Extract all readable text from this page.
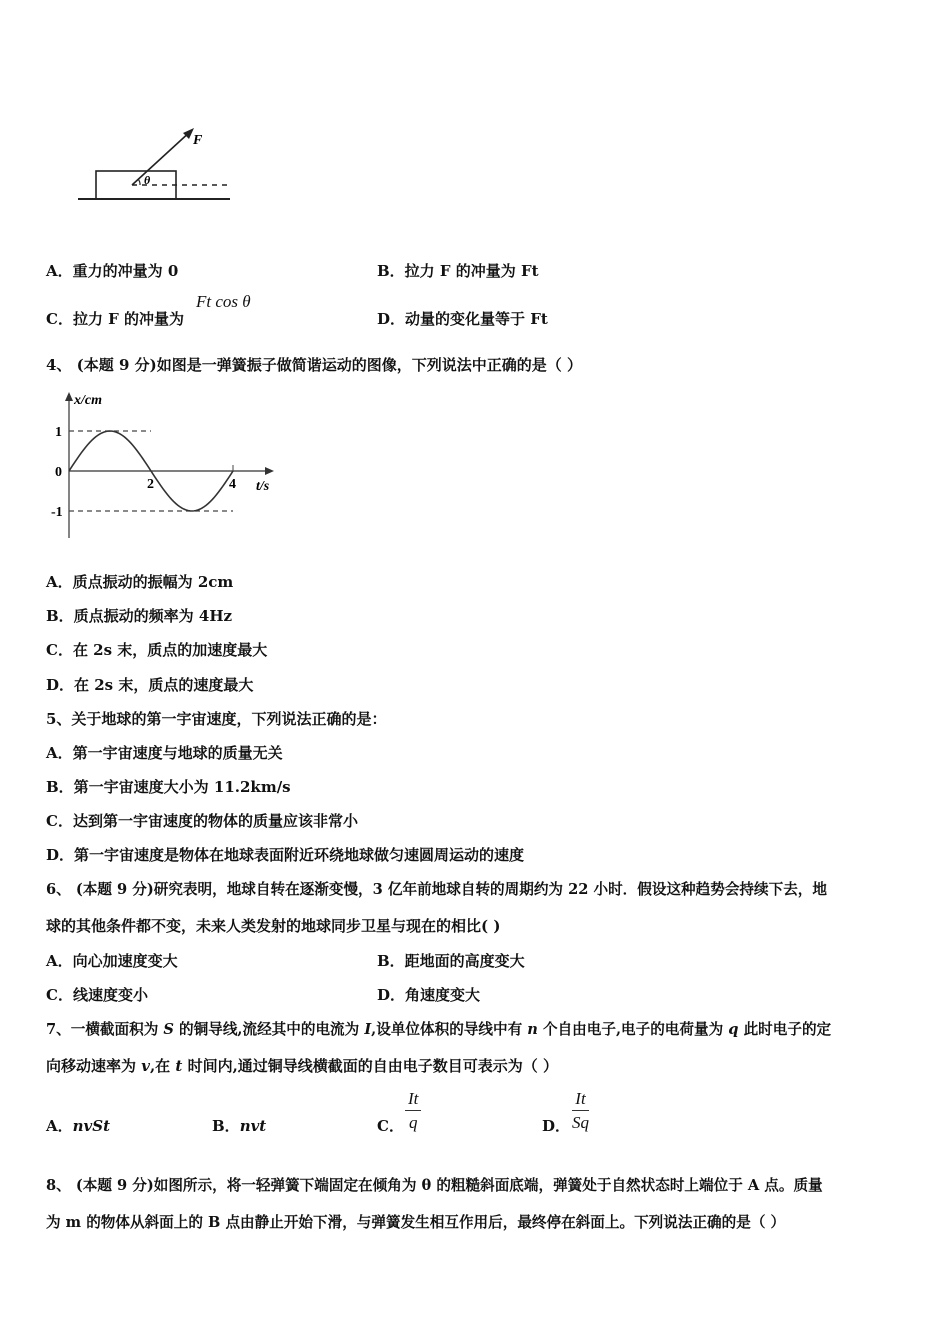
F
θ
A．重力的冲量为 0	B．拉力 F 的冲量为 Ft
C．拉力 F 的冲量为
Ft cos θ
D．动量的变化量等于 Ft
4、 (本题 9 分)如图是一弹簧振子做简谐运动的图像，下列说法中正确的是（ ）
1
0
-1
2	4
x/cm
t/s
A．质点振动的振幅为 2cm
B．质点振动的频率为 4Hz
C．在 2s 末，质点的加速度最大
D．在 2s 末，质点的速度最大
5、关于地球的第一宇宙速度，下列说法正确的是：
A．第一宇宙速度与地球的质量无关
B．第一宇宙速度大小为 11.2km/s
C．达到第一宇宙速度的物体的质量应该非常小
D．第一宇宙速度是物体在地球表面附近环绕地球做匀速圆周运动的速度
6、 (本题 9 分)研究表明，地球自转在逐渐变慢，3 亿年前地球自转的周期约为 22 小时．假设这种趋势会持续下去，地
球的其他条件都不变，未来人类发射的地球同步卫星与现在的相比( )
A．向心加速度变大	B．距地面的高度变大
C．线速度变小	D．角速度变大
7、一横截面积为 S 的铜导线,流经其中的电流为 I,设单位体积的导线中有 n 个自由电子,电子的电荷量为 q 此时电子的定
向移动速率为 v,在 t 时间内,通过铜导线横截面的自由电子数目可表示为（ ）
A．nvSt	B．nvt	C． $\frac{It}{q}$	D． $\frac{It}{Sq}$
8、 (本题 9 分)如图所示，将一轻弹簧下端固定在倾角为 θ 的粗糙斜面底端，弹簧处于自然状态时上端位于 A 点。质量
为 m 的物体从斜面上的 B 点由静止开始下滑，与弹簧发生相互作用后，最终停在斜面上。下列说法正确的是（ ）
